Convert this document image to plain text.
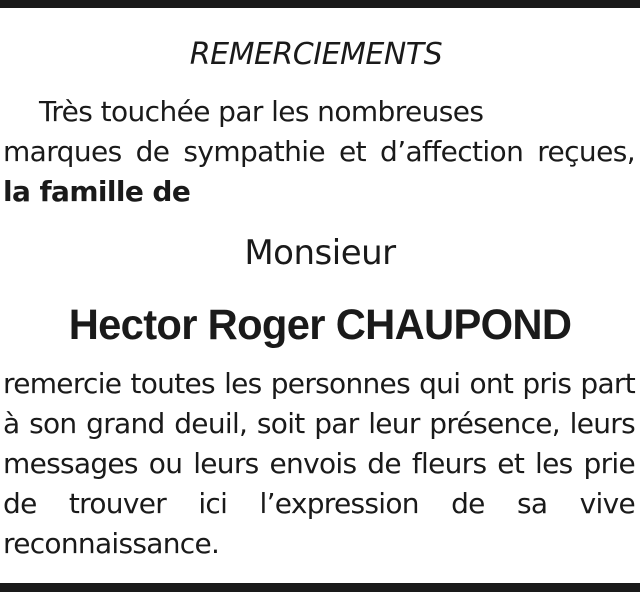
REMERCIEMENTS
Très touchée par les nombreuses
marques de sympathie et d’affection reçues, la famille de
Monsieur
Hector Roger CHAUPOND
remercie toutes les personnes qui ont pris part à son grand deuil, soit par leur présence, leurs messages ou leurs envois de fleurs et les prie de trouver ici l’expression de sa vive reconnaissance.
